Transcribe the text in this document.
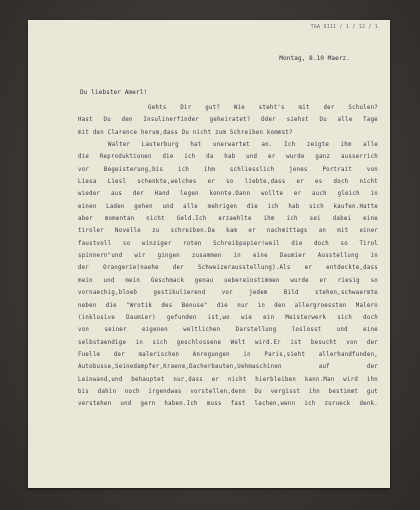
TGA 9111 / 1 / 12 / 1
Montag, 8.10 Maerz.
Du liebster Amerl!
Gehts Dir gut? Wie steht's mit der Schulen?
Hast Du den Insulinerfinder geheiratet? Oder siehst Du alle Tage
mit den Clarence herum,dass Du nicht zum Schreiben kommst?
Walter Lauterburg hat unerwartet an. Ich zeigte ihm alle
die Reproduktionen die ich da hab und er wurde ganz ausserrich
vor Begeisterung,bis ich ihm schliesslich jenes Portrait von
Liesa Liesl schenkte,welches er so liebte,dass er es doch nicht
wieder aus der Hand legen konnte.Dann wollte er auch gleich in
einen Laden gehen und alle mehrigen die ich hab sich kaufen.Hatte
aber momentan nicht Geld.Ich erzaehlte ihm ich sei dabei eine
tiroler Novelle zu schreiben.Da kam er nachmittags an mit einer
faustvoll so winziger roten Schreibpapier!weil die doch so Tirol
spinnern"und wir gingen zusammen in eine Daumier Ausstellung in
der Orangerie(naehe der Schweizerausstellung).Als er entdeckte,dass
mein und mein Geschmack genau uebereinstimmen wurde er riesig so
vornaechig,bloeb gestikulierend vor jedem Bild stehen,schwaermte
neben die "Wrotik des Benuse" die nur in den allergroessten Malern
(inklusive Daumier) gefunden ist,wo wie ein Meisterwerk sich doch
von seiner eigenen weltlichen Darstellung loslosst und eine
selbstaendige in sich geschlossene Welt wird.Er ist besucht von der
Fuelle der malerischen Anregungen in Paris,sieht allerhandfunden,
Autobusse,Seinedampfer,Kraene,Dacherbauten,Uehmaschinen auf der
Leinwand,und behauptet nur,dass er nicht hierbleiben kann.Man wird ihn
bis dahin noch irgendwas vorstellen,denn Du vergisst ihn bestimmt gut
verstehen und gern haben.Ich muss fast lachen,wenn ich zurueck denk.
